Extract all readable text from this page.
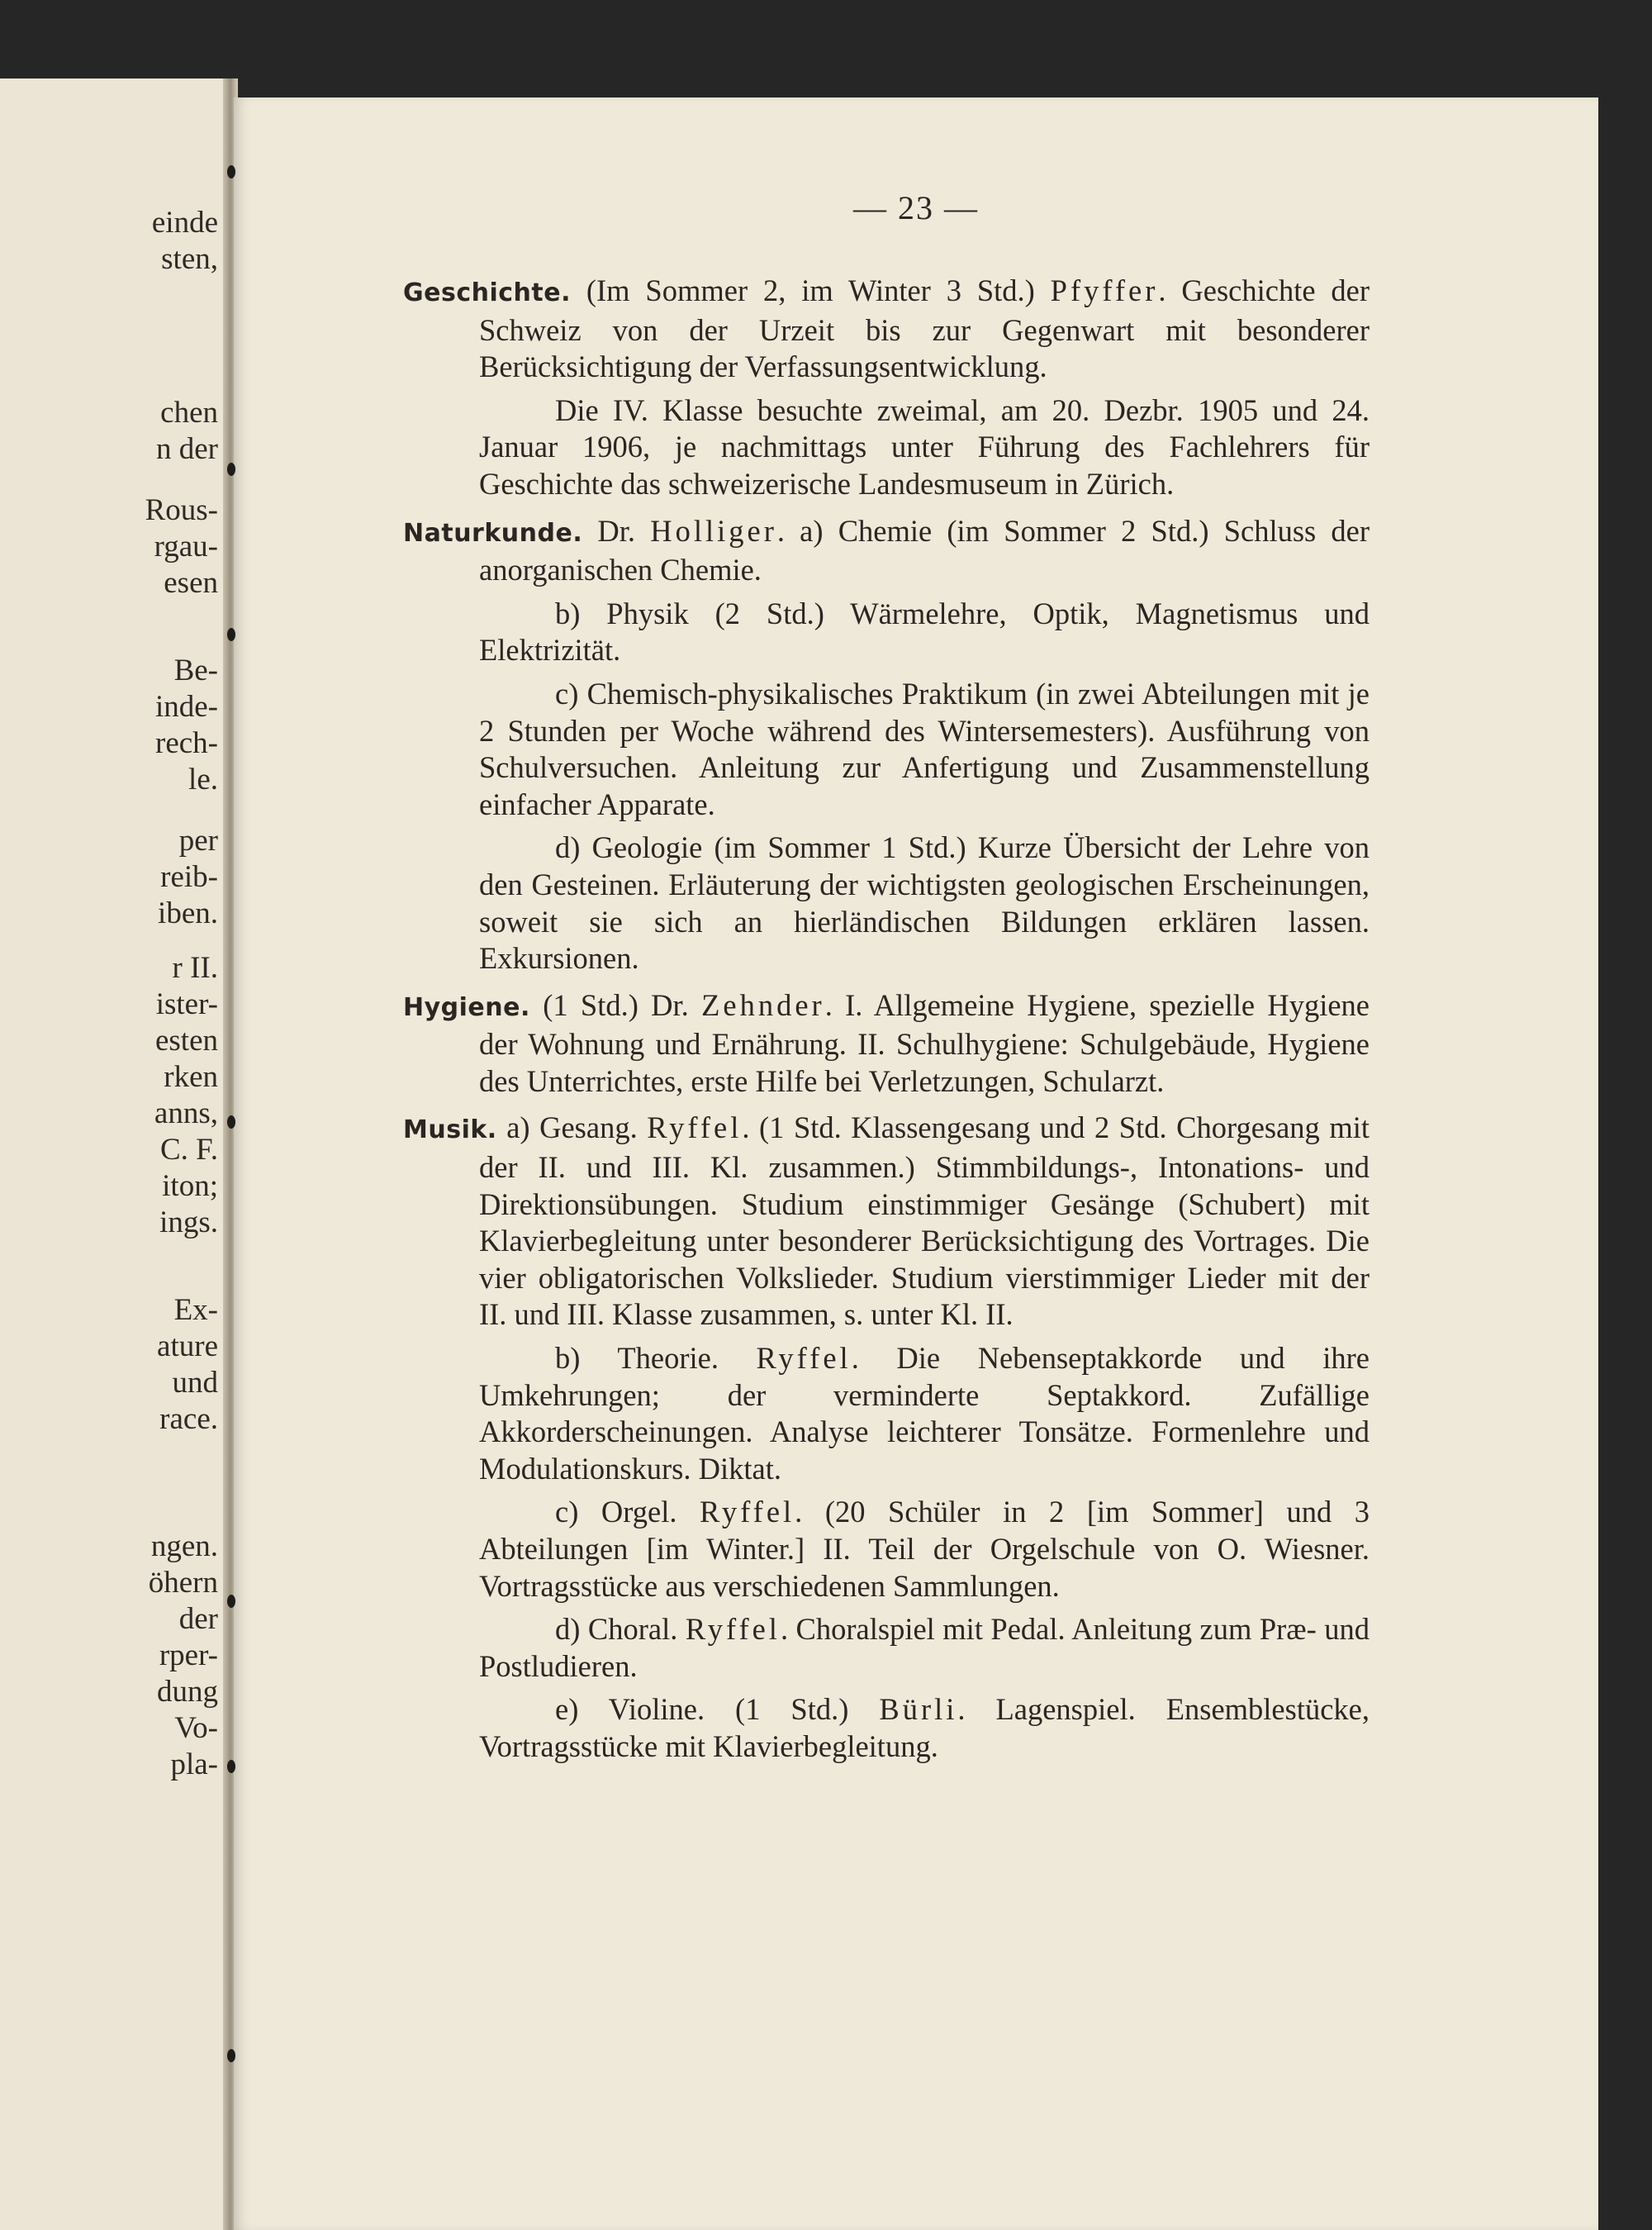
einde
sten,
chen
n der
Rous-
rgau-
esen
Be-
inde-
rech-
le.
per
reib-
iben.
r II.
ister-
esten
rken
anns,
C. F.
iton;
ings.
Ex-
ature
und
race.
ngen.
öhern
der
rper-
dung
Vo-
pla-
— 23 —

Geschichte. (Im Sommer 2, im Winter 3 Std.) Pfyffer. Geschichte der Schweiz von der Urzeit bis zur Gegenwart mit besonderer Berücksichtigung der Verfassungsentwicklung.

Die IV. Klasse besuchte zweimal, am 20. Dezbr. 1905 und 24. Januar 1906, je nachmittags unter Führung des Fachlehrers für Geschichte das schweizerische Landesmuseum in Zürich.

Naturkunde. Dr. Holliger. a) Chemie (im Sommer 2 Std.) Schluss der anorganischen Chemie.

b) Physik (2 Std.) Wärmelehre, Optik, Magnetismus und Elektrizität.

c) Chemisch-physikalisches Praktikum (in zwei Abteilungen mit je 2 Stunden per Woche während des Wintersemesters). Ausführung von Schulversuchen. Anleitung zur Anfertigung und Zusammenstellung einfacher Apparate.

d) Geologie (im Sommer 1 Std.) Kurze Übersicht der Lehre von den Gesteinen. Erläuterung der wichtigsten geologischen Erscheinungen, soweit sie sich an hierländischen Bildungen erklären lassen. Exkursionen.

Hygiene. (1 Std.) Dr. Zehnder. I. Allgemeine Hygiene, spezielle Hygiene der Wohnung und Ernährung. II. Schulhygiene: Schulgebäude, Hygiene des Unterrichtes, erste Hilfe bei Verletzungen, Schularzt.

Musik. a) Gesang. Ryffel. (1 Std. Klassengesang und 2 Std. Chorgesang mit der II. und III. Kl. zusammen.) Stimmbildungs-, Intonations- und Direktionsübungen. Studium einstimmiger Gesänge (Schubert) mit Klavierbegleitung unter besonderer Berücksichtigung des Vortrages. Die vier obligatorischen Volkslieder. Studium vierstimmiger Lieder mit der II. und III. Klasse zusammen, s. unter Kl. II.

b) Theorie. Ryffel. Die Nebenseptakkorde und ihre Umkehrungen; der verminderte Septakkord. Zufällige Akkorderscheinungen. Analyse leichterer Tonsätze. Formenlehre und Modulationskurs. Diktat.

c) Orgel. Ryffel. (20 Schüler in 2 [im Sommer] und 3 Abteilungen [im Winter.] II. Teil der Orgelschule von O. Wiesner. Vortragsstücke aus verschiedenen Sammlungen.

d) Choral. Ryffel. Choralspiel mit Pedal. Anleitung zum Præ- und Postludieren.

e) Violine. (1 Std.) Bürli. Lagenspiel. Ensemblestücke, Vortragsstücke mit Klavierbegleitung.
